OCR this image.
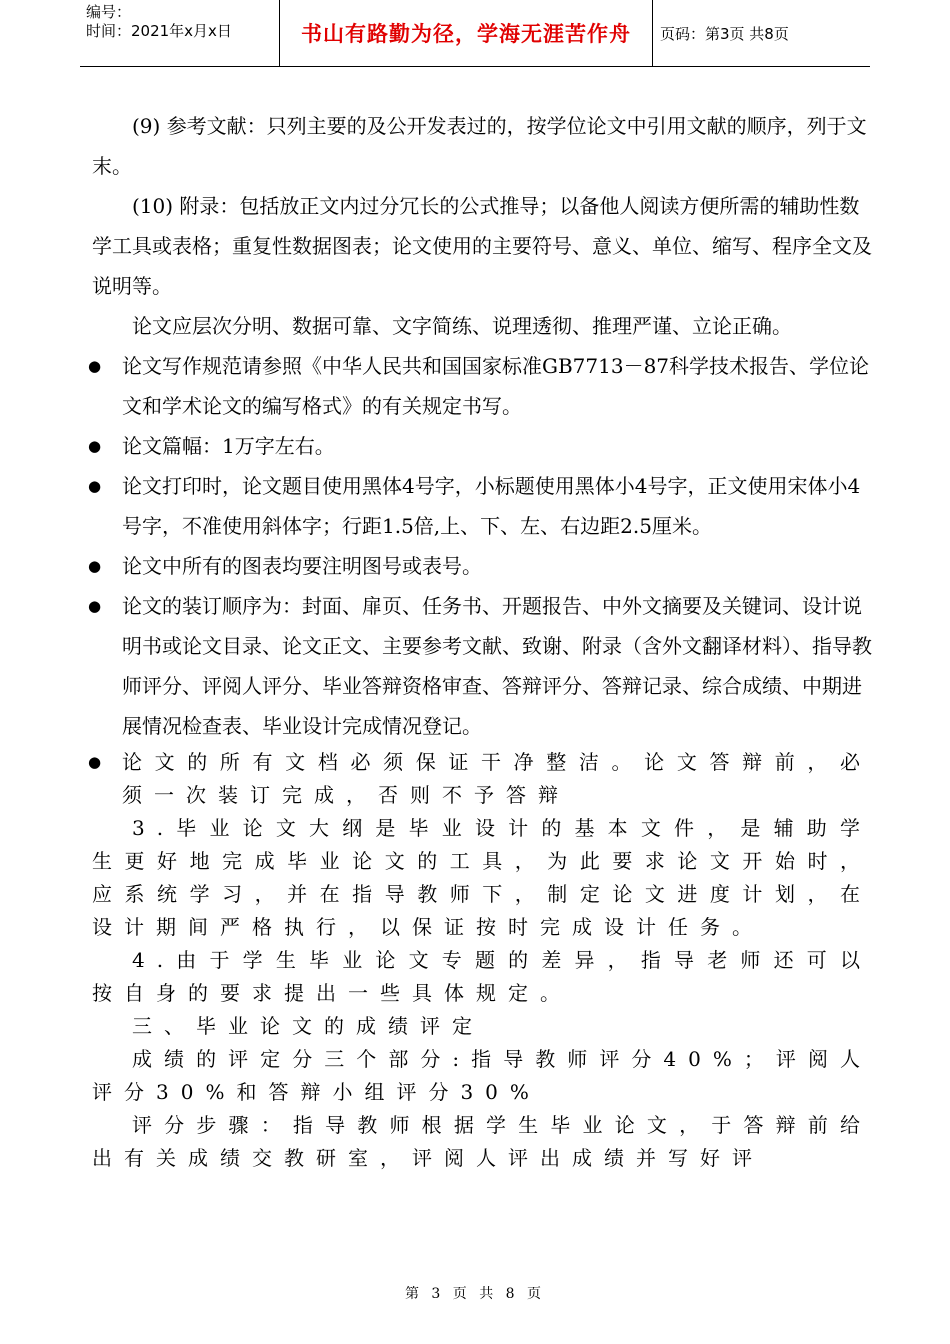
编号：
时间：2021年x月x日	书山有路勤为径，学海无涯苦作舟	页码：第3页 共8页

(9) 参考文献：只列主要的及公开发表过的，按学位论文中引用文献的顺序，列于文末。

(10) 附录：包括放正文内过分冗长的公式推导；以备他人阅读方便所需的辅助性数学工具或表格；重复性数据图表；论文使用的主要符号、意义、单位、缩写、程序全文及说明等。

论文应层次分明、数据可靠、文字简练、说理透彻、推理严谨、立论正确。

● 论文写作规范请参照《中华人民共和国国家标准GB7713－87科学技术报告、学位论文和学术论文的编写格式》的有关规定书写。

● 论文篇幅：1万字左右。

● 论文打印时，论文题目使用黑体4号字，小标题使用黑体小4号字，正文使用宋体小4号字，不准使用斜体字；行距1.5倍,上、下、左、右边距2.5厘米。

● 论文中所有的图表均要注明图号或表号。

● 论文的装订顺序为：封面、扉页、任务书、开题报告、中外文摘要及关键词、设计说明书或论文目录、论文正文、主要参考文献、致谢、附录（含外文翻译材料）、指导教师评分、评阅人评分、毕业答辩资格审查、答辩评分、答辩记录、综合成绩、中期进展情况检查表、毕业设计完成情况登记。

● 论文的所有文档必须保证干净整洁。论文答辩前，必须一次装订完成，否则不予答辩

3.毕业论文大纲是毕业设计的基本文件，是辅助学生更好地完成毕业论文的工具，为此要求论文开始时，应系统学习，并在指导教师下，制定论文进度计划，在设计期间严格执行，以保证按时完成设计任务。

4.由于学生毕业论文专题的差异，指导老师还可以按自身的要求提出一些具体规定。

三、毕业论文的成绩评定

成绩的评定分三个部分:指导教师评分40%；评阅人评分30%和答辩小组评分30%

评分步骤：指导教师根据学生毕业论文，于答辩前给出有关成绩交教研室，评阅人评出成绩并写好评

第 3 页 共 8 页
